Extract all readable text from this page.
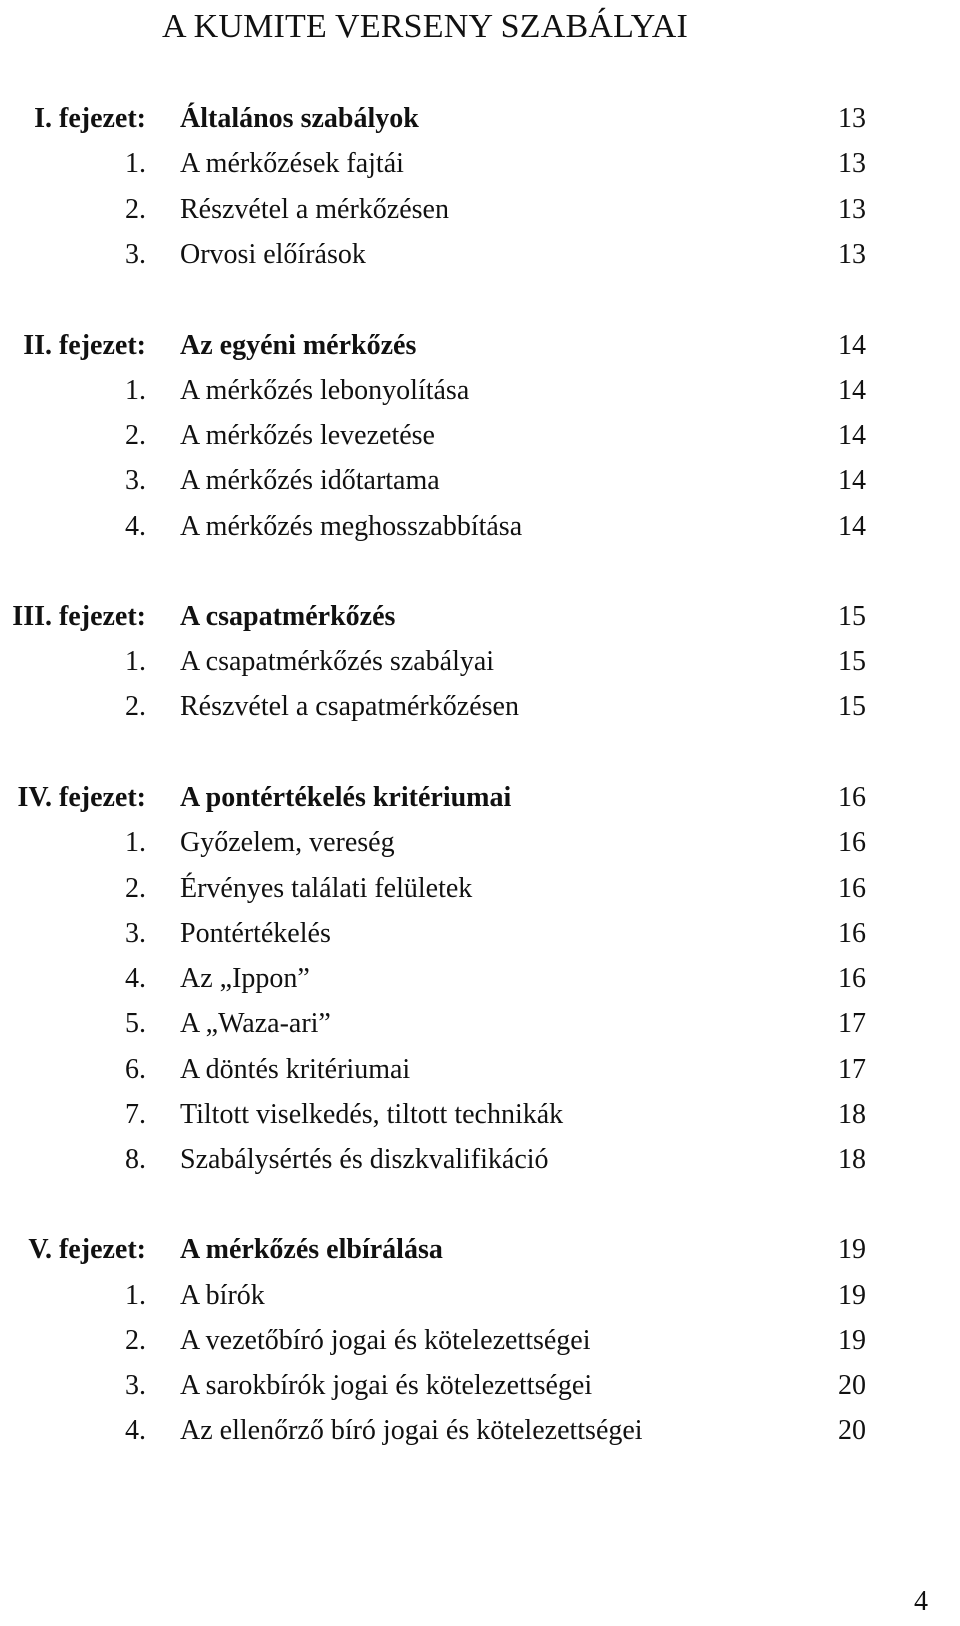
A KUMITE VERSENY SZABÁLYAI
I. fejezet: Általános szabályok	13
1. A mérkőzések fajtái	13
2. Részvétel a mérkőzésen	13
3. Orvosi előírások	13
II. fejezet: Az egyéni mérkőzés	14
1. A mérkőzés lebonyolítása	14
2. A mérkőzés levezetése	14
3. A mérkőzés időtartama	14
4. A mérkőzés meghosszabbítása	14
III. fejezet: A csapatmérkőzés	15
1. A csapatmérkőzés szabályai	15
2. Részvétel a csapatmérkőzésen	15
IV. fejezet: A pontértékelés kritériumai	16
1. Győzelem, vereség	16
2. Érvényes találati felületek	16
3. Pontértékelés	16
4. Az „Ippon”	16
5. A „Waza-ari”	17
6. A döntés kritériumai	17
7. Tiltott viselkedés, tiltott technikák	18
8. Szabálysértés és diszkvalifikáció	18
V. fejezet: A mérkőzés elbírálása	19
1. A bírók	19
2. A vezetőbíró jogai és kötelezettségei	19
3. A sarokbírók jogai és kötelezettségei	20
4. Az ellenőrző bíró jogai és kötelezettségei	20
4
